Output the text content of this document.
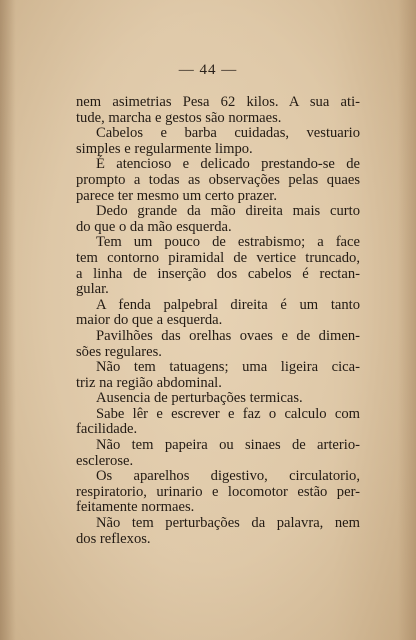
— 44 —
nem asimetrias Pesa 62 kilos. A sua ati-
tude, marcha e gestos são normaes.
Cabelos e barba cuidadas, vestuario
simples e regularmente limpo.
É atencioso e delicado prestando-se de
prompto a todas as observações pelas quaes
parece ter mesmo um certo prazer.
Dedo grande da mão direita mais curto
do que o da mão esquerda.
Tem um pouco de estrabismo; a face
tem contorno piramidal de vertice truncado,
a linha de inserção dos cabelos é rectan-
gular.
A fenda palpebral direita é um tanto
maior do que a esquerda.
Pavilhões das orelhas ovaes e de dimen-
sões regulares.
Não tem tatuagens; uma ligeira cica-
triz na região abdominal.
Ausencia de perturbações termicas.
Sabe lêr e escrever e faz o calculo com
facilidade.
Não tem papeira ou sinaes de arterio-
esclerose.
Os aparelhos digestivo, circulatorio,
respiratorio, urinario e locomotor estão per-
feitamente normaes.
Não tem perturbações da palavra, nem
dos reflexos.
